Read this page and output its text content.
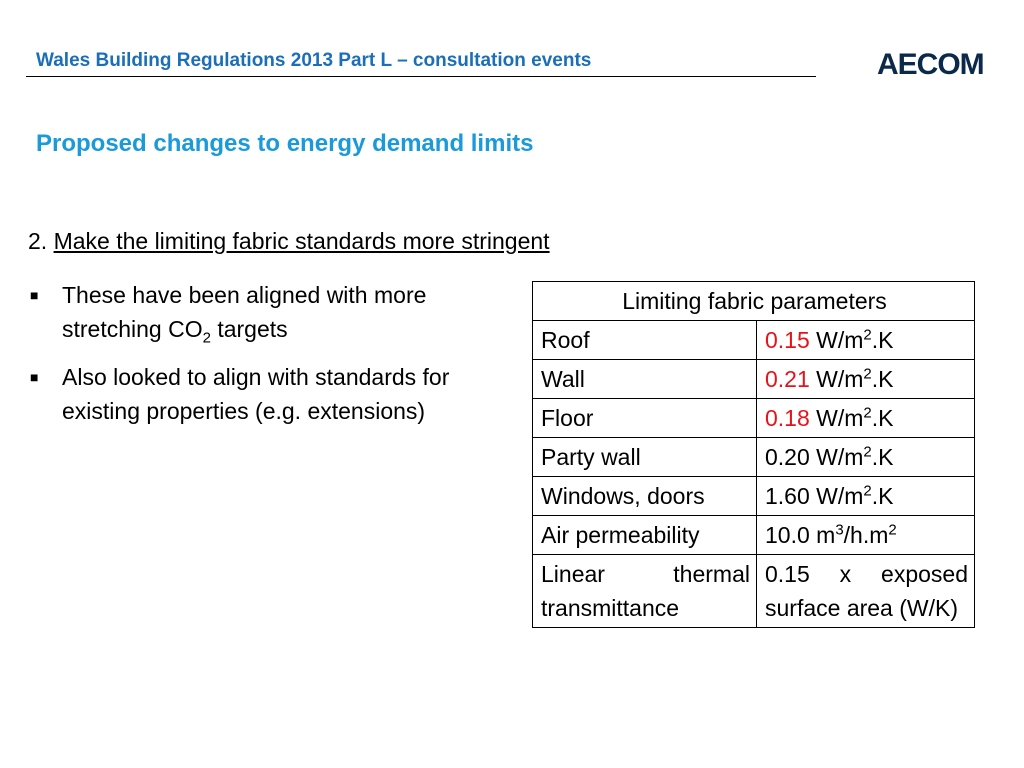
Wales Building Regulations 2013 Part L – consultation events	AECOM
Proposed changes to energy demand limits
2. Make the limiting fabric standards more stringent
■ These have been aligned with more stretching $CO_2$ targets
■ Also looked to align with standards for existing properties (e.g. extensions)
Limiting fabric parameters	
Roof	0.15 $W/m^2.K$
Wall	0.21 $W/m^2.K$
Floor	0.18 $W/m^2.K$
Party wall	0.20 $W/m^2.K$
Windows, doors	1.60 $W/m^2.K$
Air permeability	10.0 $m^3/h.m^2$
Linear thermal transmittance	0.15 x exposed surface area (W/K)
